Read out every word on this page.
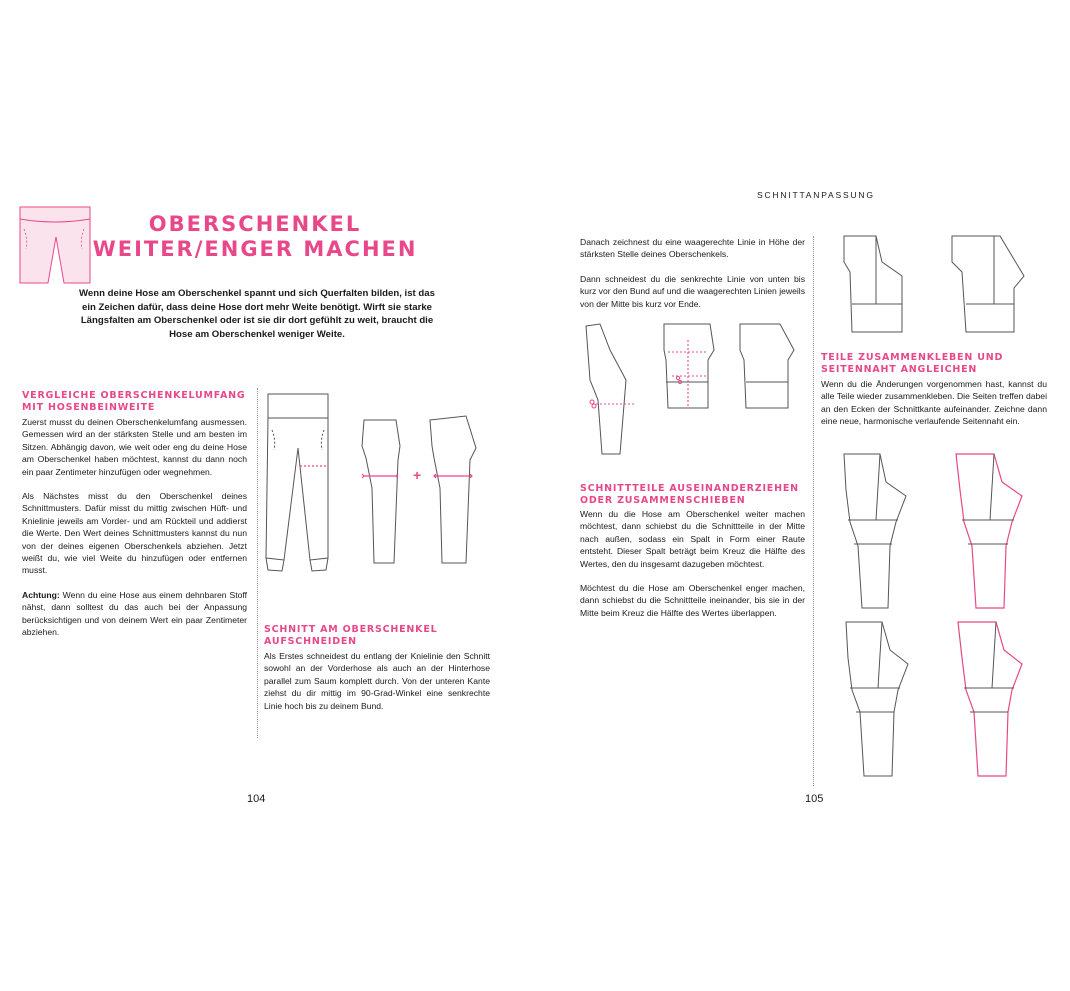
OBERSCHENKEL
WEITER/ENGER MACHEN
Wenn deine Hose am Oberschenkel spannt und sich Querfalten bilden, ist das ein Zeichen dafür, dass deine Hose dort mehr Weite benötigt. Wirft sie starke Längsfalten am Oberschenkel oder ist sie dir dort gefühlt zu weit, braucht die Hose am Oberschenkel weniger Weite.
VERGLEICHE OBERSCHENKELUMFANG MIT HOSENBEINWEITE

Zuerst musst du deinen Oberschenkelumfang ausmessen. Gemessen wird an der stärksten Stelle und am besten im Sitzen. Abhängig davon, wie weit oder eng du deine Hose am Oberschenkel haben möchtest, kannst du dann noch ein paar Zentimeter hinzufügen oder wegnehmen.

Als Nächstes misst du den Oberschenkel deines Schnittmusters. Dafür misst du mittig zwischen Hüft- und Knielinie jeweils am Vorder- und am Rückteil und addierst die Werte. Den Wert deines Schnittmusters kannst du nun von der deines eigenen Oberschenkels abziehen. Jetzt weißt du, wie viel Weite du hinzufügen oder entfernen musst.

Achtung: Wenn du eine Hose aus einem dehnbaren Stoff nähst, dann solltest du das auch bei der Anpassung berücksichtigen und von deinem Wert ein paar Zentimeter abziehen.

+
SCHNITT AM OBERSCHENKEL AUFSCHNEIDEN
Als Erstes schneidest du entlang der Knielinie den Schnitt sowohl an der Vorderhose als auch an der Hinterhose parallel zum Saum komplett durch. Von der unteren Kante ziehst du dir mittig im 90-Grad-Winkel eine senkrechte Linie hoch bis zu deinem Bund.
104
SCHNITTANPASSUNG

Danach zeichnest du eine waagerechte Linie in Höhe der stärksten Stelle deines Oberschenkels.

Dann schneidest du die senkrechte Linie von unten bis kurz vor den Bund auf und die waagerechten Linien jeweils von der Mitte bis kurz vor Ende.

SCHNITTTEILE AUSEINANDERZIEHEN ODER ZUSAMMENSCHIEBEN

Wenn du die Hose am Oberschenkel weiter machen möchtest, dann schiebst du die Schnittteile in der Mitte nach außen, sodass ein Spalt in Form einer Raute entsteht. Dieser Spalt beträgt beim Kreuz die Hälfte des Wertes, den du insgesamt dazugeben möchtest.

Möchtest du die Hose am Oberschenkel enger machen, dann schiebst du die Schnittteile ineinander, bis sie in der Mitte beim Kreuz die Hälfte des Wertes überlappen.

TEILE ZUSAMMENKLEBEN UND SEITENNAHT ANGLEICHEN
Wenn du die Änderungen vorgenommen hast, kannst du alle Teile wieder zusammenkleben. Die Seiten treffen dabei an den Ecken der Schnittkante aufeinander. Zeichne dann eine neue, harmonische verlaufende Seitennaht ein.
105
